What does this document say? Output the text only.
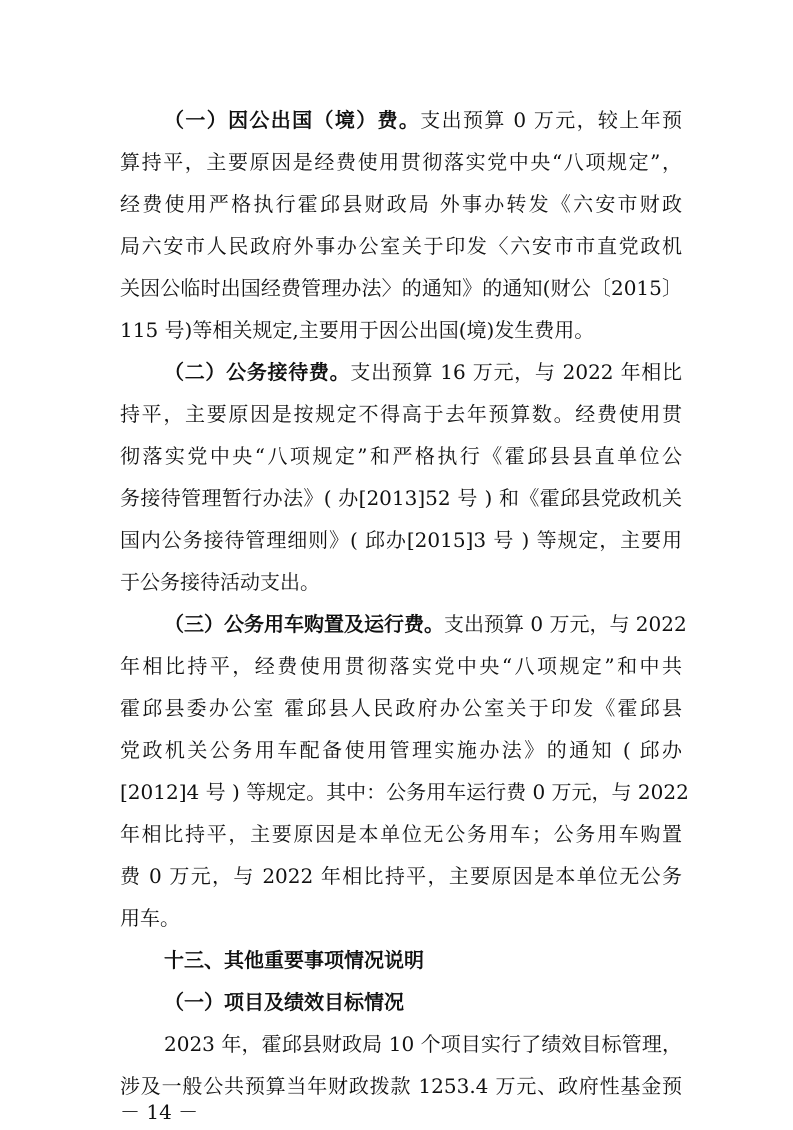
（一）因公出国（境）费。支出预算 0 万元，较上年预
算持平，主要原因是经费使用贯彻落实党中央“八项规定”，
经费使用严格执行霍邱县财政局 外事办转发《六安市财政
局六安市人民政府外事办公室关于印发〈六安市市直党政机
关因公临时出国经费管理办法〉的通知》的通知(财公〔2015〕
115 号)等相关规定,主要用于因公出国(境)发生费用。
（二）公务接待费。支出预算 16 万元，与 2022 年相比
持平，主要原因是按规定不得高于去年预算数。经费使用贯
彻落实党中央“八项规定”和严格执行《霍邱县县直单位公
务接待管理暂行办法》( 办[2013]52 号 ) 和《霍邱县党政机关
国内公务接待管理细则》( 邱办[2015]3 号 ) 等规定，主要用
于公务接待活动支出。
（三）公务用车购置及运行费。支出预算 0 万元，与 2022
年相比持平，经费使用贯彻落实党中央“八项规定”和中共
霍邱县委办公室 霍邱县人民政府办公室关于印发《霍邱县
党政机关公务用车配备使用管理实施办法》的通知 ( 邱办
[2012]4 号 ) 等规定。其中：公务用车运行费 0 万元，与 2022
年相比持平，主要原因是本单位无公务用车；公务用车购置
费 0 万元，与 2022 年相比持平，主要原因是本单位无公务
用车。
十三、其他重要事项情况说明
（一）项目及绩效目标情况
2023 年，霍邱县财政局 10 个项目实行了绩效目标管理，
涉及一般公共预算当年财政拨款 1253.4 万元、政府性基金预
－ 14 －
